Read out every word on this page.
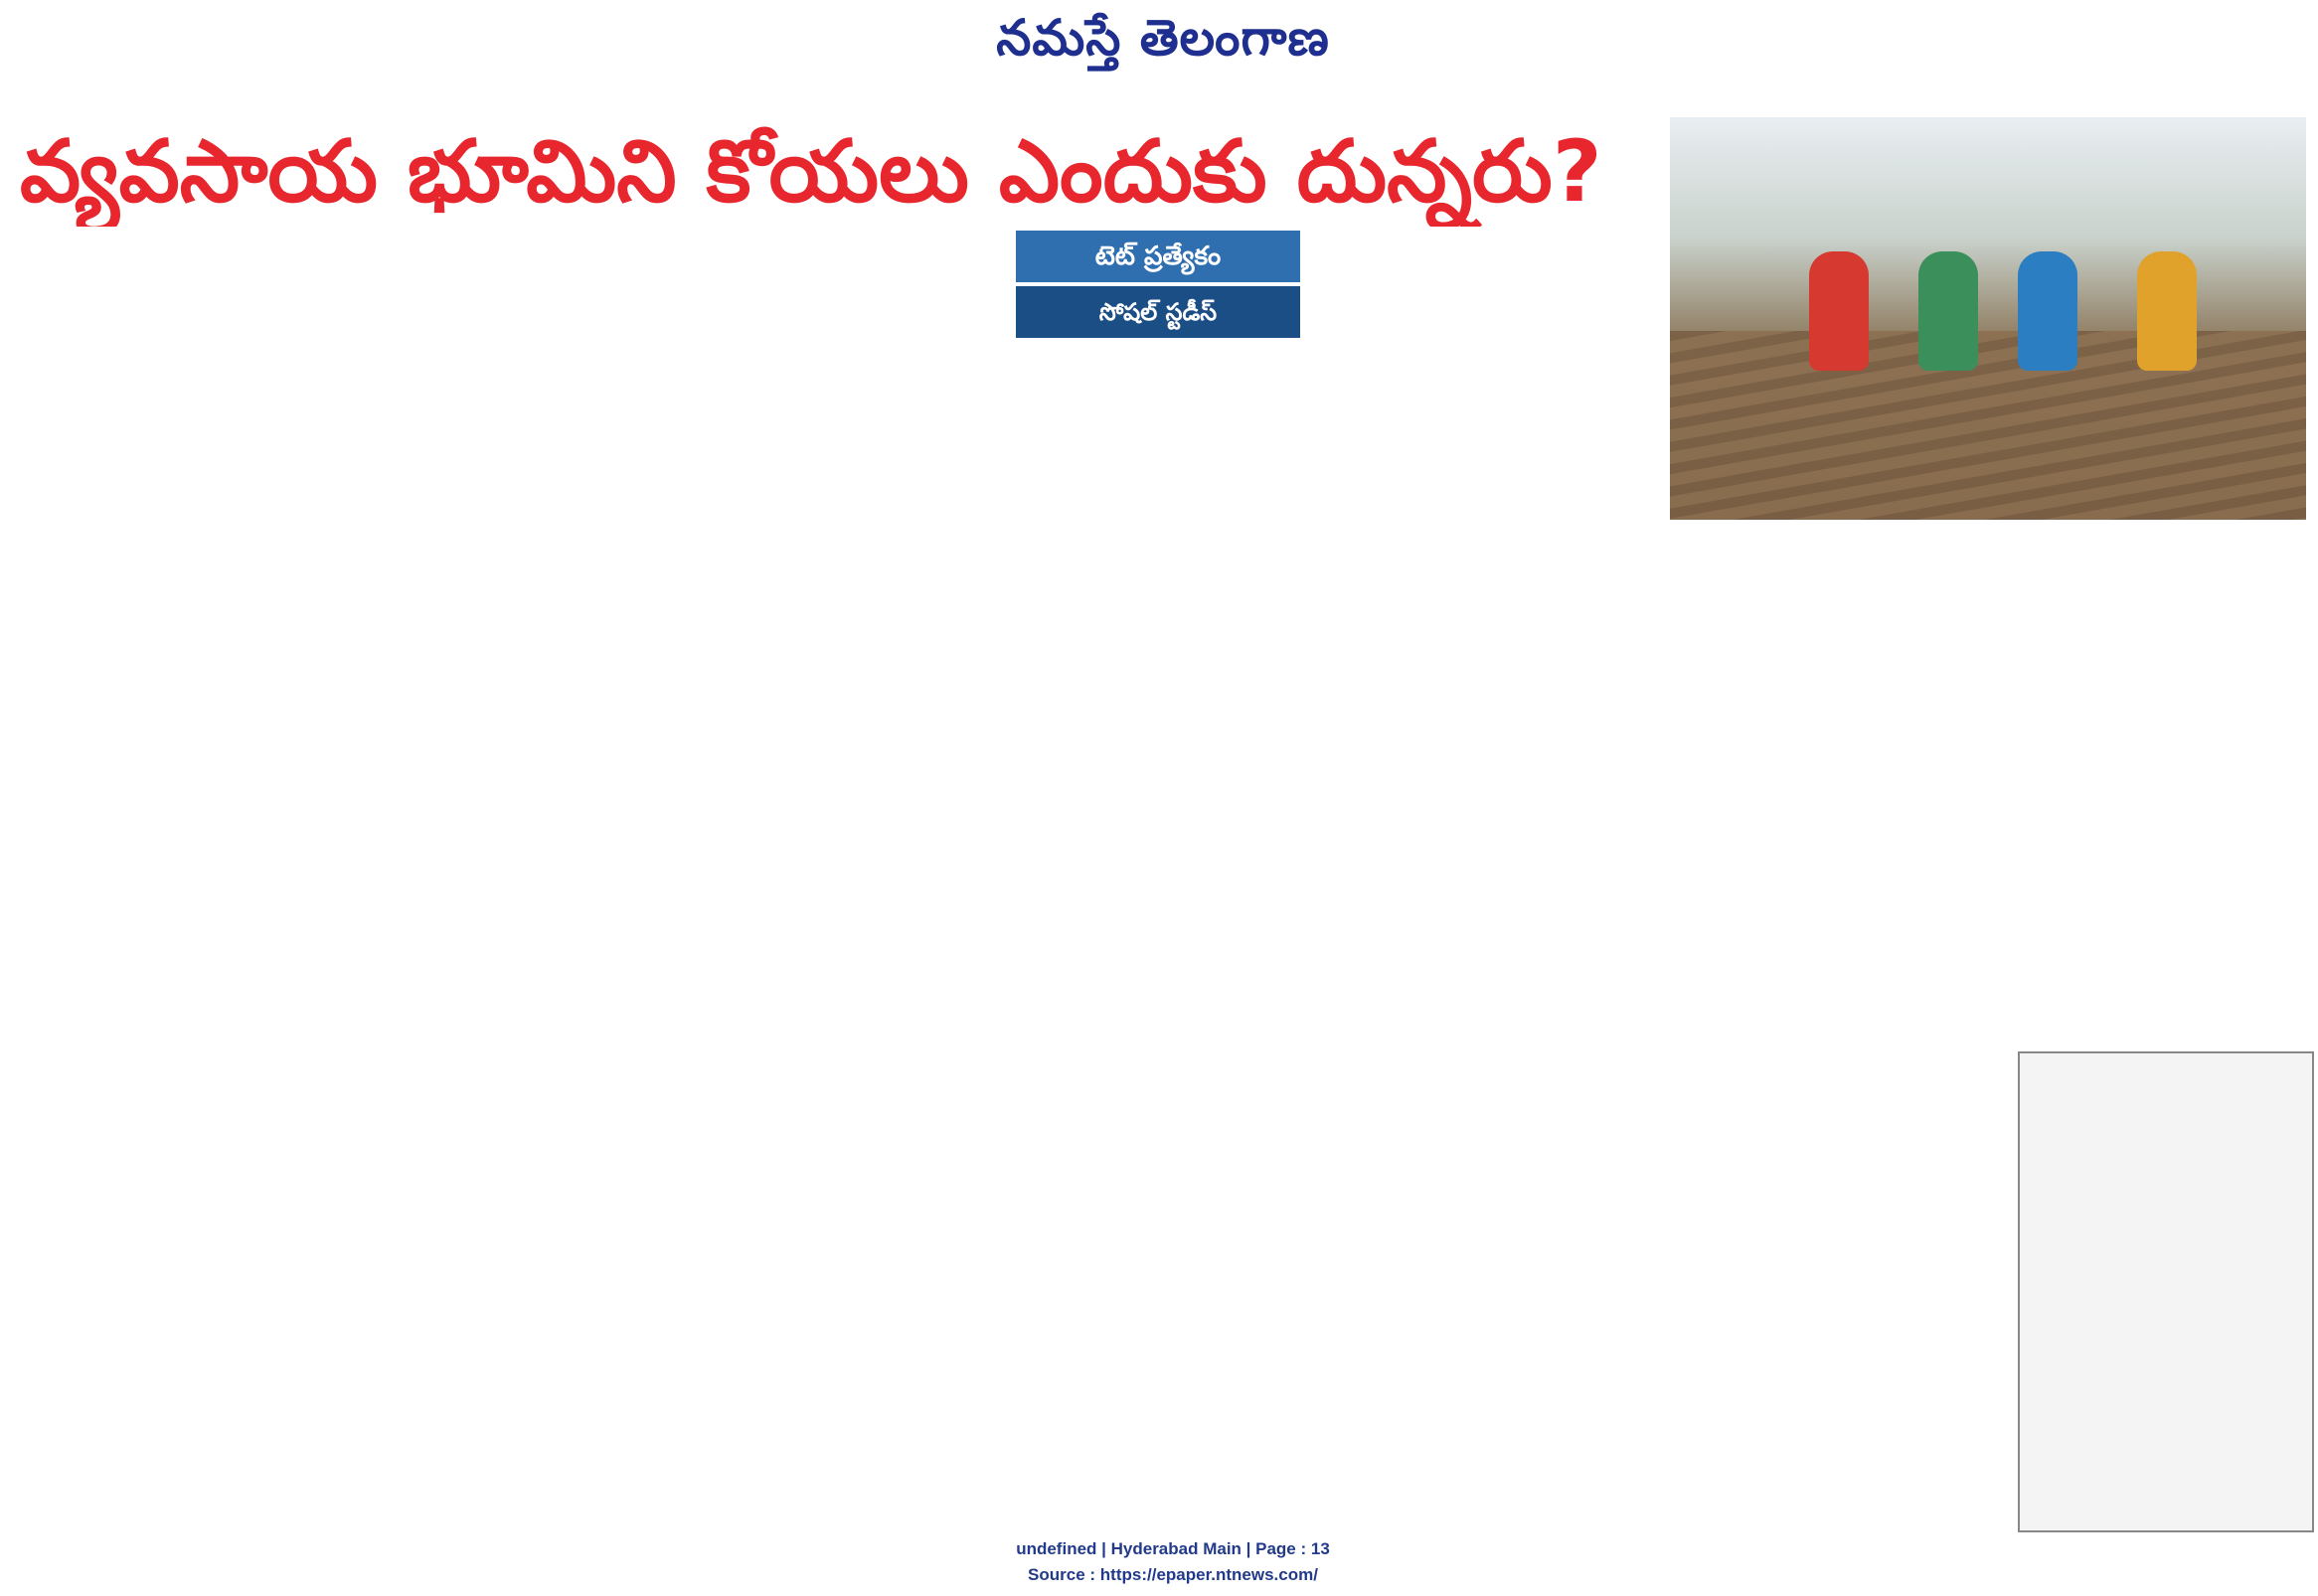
నమస్తే తెలంగాణ
వ్యవసాయ భూమిని కోయలు ఎందుకు దున్నరు?
టెట్ ప్రత్యేకం
సోషల్ స్టడీస్
undefined | Hyderabad Main | Page : 13
Source : https://epaper.ntnews.com/
